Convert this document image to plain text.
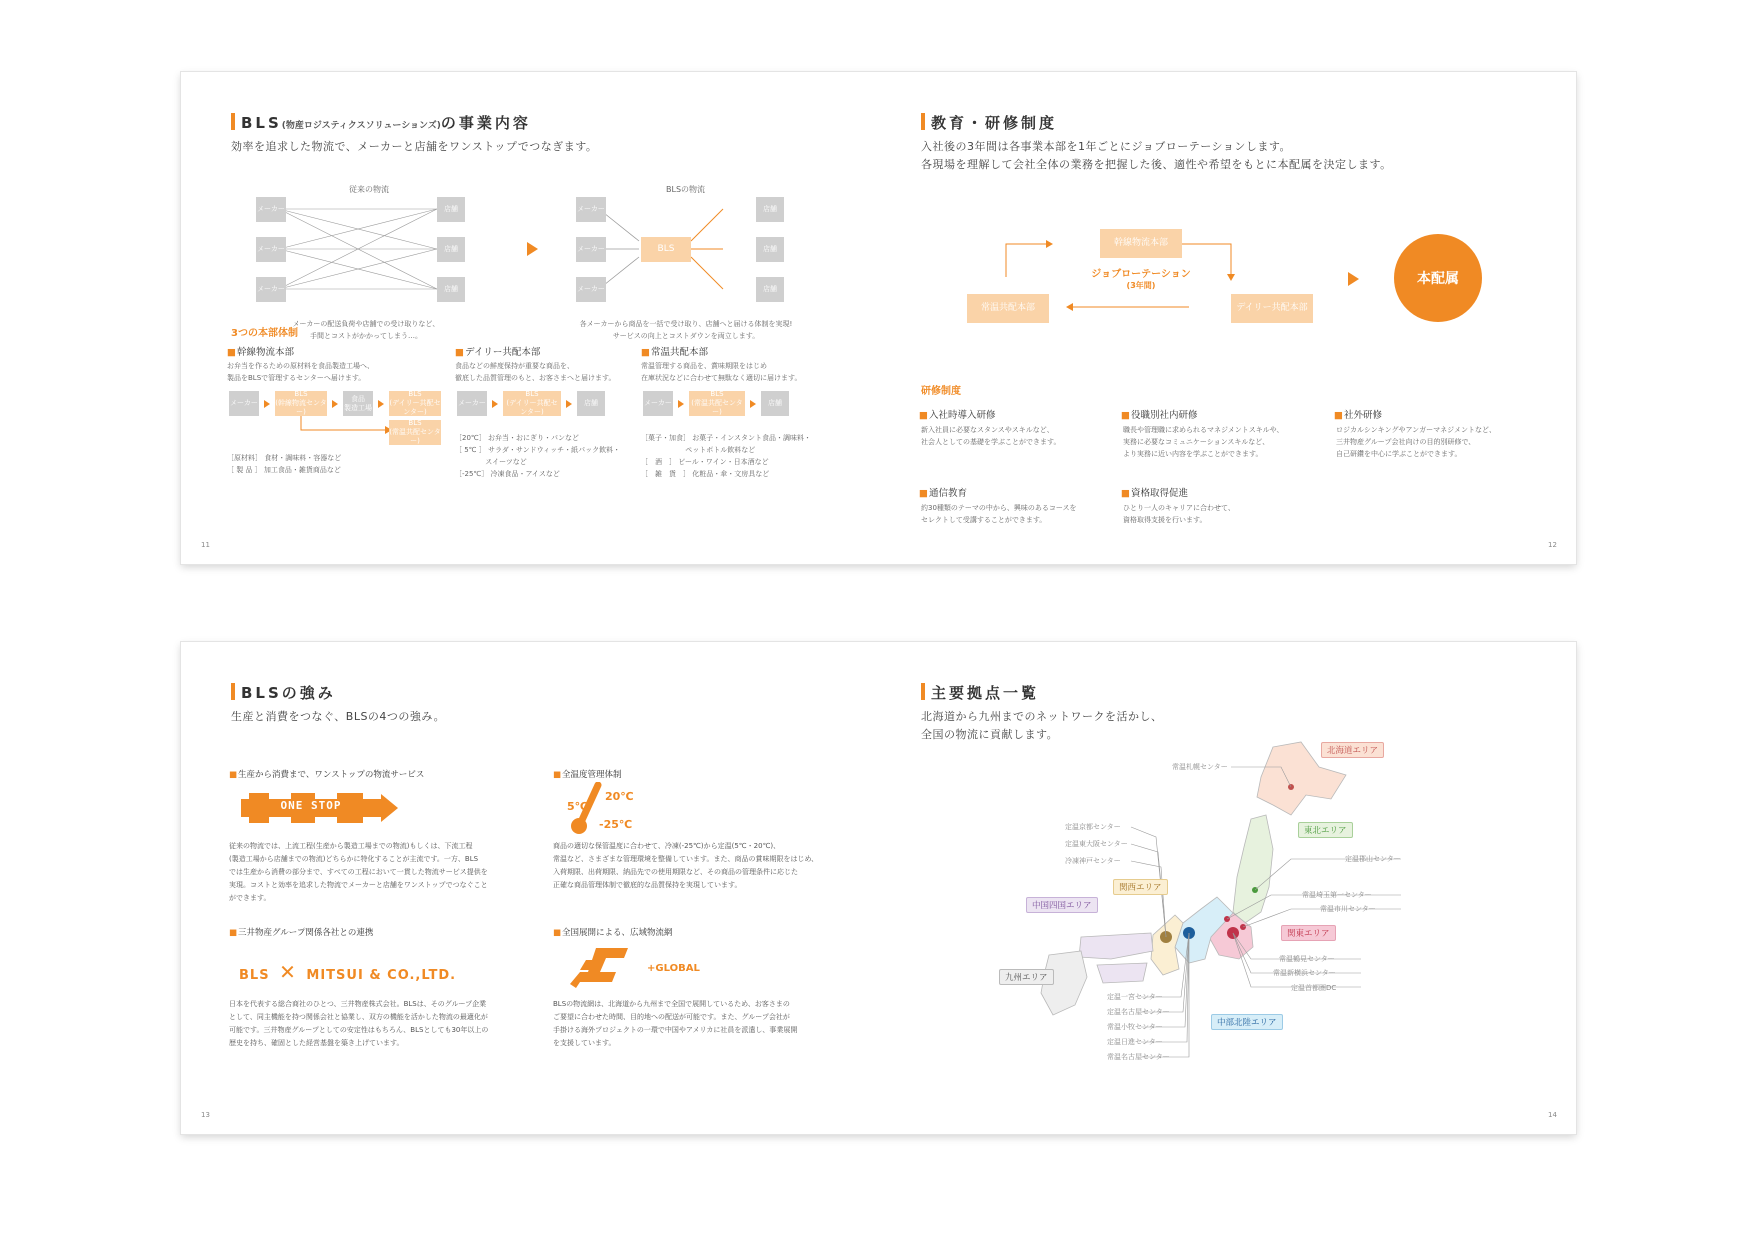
BLS(物産ロジスティクスソリューションズ)の事業内容
効率を追求した物流で、メーカーと店舗をワンストップでつなぎます。
従来の物流
メーカー
メーカー
メーカー
店舗
店舗
店舗
BLSの物流
メーカー
メーカー
メーカー
BLS
店舗
店舗
店舗
メーカーの配送負荷や店舗での受け取りなど、
手間とコストがかかってしまう…。
各メーカーから商品を一括で受け取り、店舗へと届ける体制を実現!
サービスの向上とコストダウンを両立します。
3つの本部体制
■ 幹線物流本部
お弁当を作るための原材料を食品製造工場へ、
製品をBLSで管理するセンターへ届けます。
メーカー
BLS
(幹線物流センター)
食品
製造工場
BLS
(デイリー共配センター)
BLS
(常温共配センター)
［原材料］ 食材・調味料・容器など
［ 製 品 ］ 加工食品・雑貨商品など
■ デイリー共配本部
食品などの鮮度保持が重要な商品を、
徹底した品質管理のもと、お客さまへと届けます。
メーカー
BLS
(デイリー共配センター)
店舗
［20℃］ お弁当・おにぎり・パンなど
［ 5℃ ］ サラダ・サンドウィッチ・紙パック飲料・
　　　　 スイーツなど
［-25℃］ 冷凍食品・アイスなど
■ 常温共配本部
常温管理する商品を、賞味期限をはじめ
在庫状況などに合わせて無駄なく適切に届けます。
メーカー
BLS
(常温共配センター)
店舗
［菓子・加食］ お菓子・インスタント食品・調味料・
　　　　　　 ペットボトル飲料など
［　酒　］ ビール・ワイン・日本酒など
［　雑　貨　］ 化粧品・傘・文房具など
11
教育・研修制度
入社後の3年間は各事業本部を1年ごとにジョブローテーションします。
各現場を理解して会社全体の業務を把握した後、適性や希望をもとに本配属を決定します。
幹線物流本部
常温共配本部	デイリー共配本部
ジョブローテーション
(3年間)	本配属
研修制度
■ 入社時導入研修
新入社員に必要なスタンスやスキルなど、
社会人としての基礎を学ぶことができます。
■ 役職別社内研修
職長や管理職に求められるマネジメントスキルや、
実務に必要なコミュニケーションスキルなど、
より実務に近い内容を学ぶことができます。
■ 社外研修
ロジカルシンキングやアンガーマネジメントなど、
三井物産グループ会社向けの目的別研修で、
自己研鑽を中心に学ぶことができます。
■ 通信教育
約30種類のテーマの中から、興味のあるコースを
セレクトして受講することができます。
■ 資格取得促進
ひとり一人のキャリアに合わせて、
資格取得支援を行います。
12
BLSの強み
生産と消費をつなぐ、BLSの4つの強み。
■ 生産から消費まで、ワンストップの物流サービス
ONE STOP
従来の物流では、上流工程(生産から製造工場までの物流)もしくは、下流工程
(製造工場から店舗までの物流)どちらかに特化することが主流です。一方、BLS
では生産から消費の部分まで、すべての工程において一貫した物流サービス提供を
実現。コストと効率を追求した物流でメーカーと店舗をワンストップでつなぐこと
ができます。
■ 全温度管理体制
5℃
20℃
-25℃
商品の適切な保管温度に合わせて、冷凍(-25℃)から定温(5℃・20℃)、
常温など、さまざまな管理環境を整備しています。また、商品の賞味期限をはじめ、
入荷期限、出荷期限、納品先での使用期限など、その商品の管理条件に応じた
正確な商品管理体制で徹底的な品質保持を実現しています。
■ 三井物産グループ関係各社との連携
BLS ✕ MITSUI & CO.,LTD.
日本を代表する総合商社のひとつ、三井物産株式会社。BLSは、そのグループ企業
として、同主機能を持つ関係会社と協業し、双方の機能を活かした物流の最適化が
可能です。三井物産グループとしての安定性はもちろん、BLSとしても30年以上の
歴史を持ち、確固とした経営基盤を築き上げています。
■ 全国展開による、広域物流網
+GLOBAL
BLSの物流網は、北海道から九州まで全国で展開しているため、お客さまの
ご要望に合わせた時間、目的地への配送が可能です。また、グループ会社が
手掛ける海外プロジェクトの一環で中国やアメリカに社員を派遣し、事業展開
を支援しています。
13
主要拠点一覧
北海道から九州までのネットワークを活かし、
全国の物流に貢献します。
北海道エリア
東北エリア
関西エリア
中国四国エリア
九州エリア
関東エリア
中部北陸エリア
常温札幌センター
定温京都センター
定温東大阪センター
冷凍神戸センター	定温郡山センター
常温埼玉第一センター
常温市川センター
常温鶴見センター
常温新横浜センター
定温首都圏DC
定温一宮センター
定温名古屋センター
常温小牧センター
定温日進センター
常温名古屋センター
14
